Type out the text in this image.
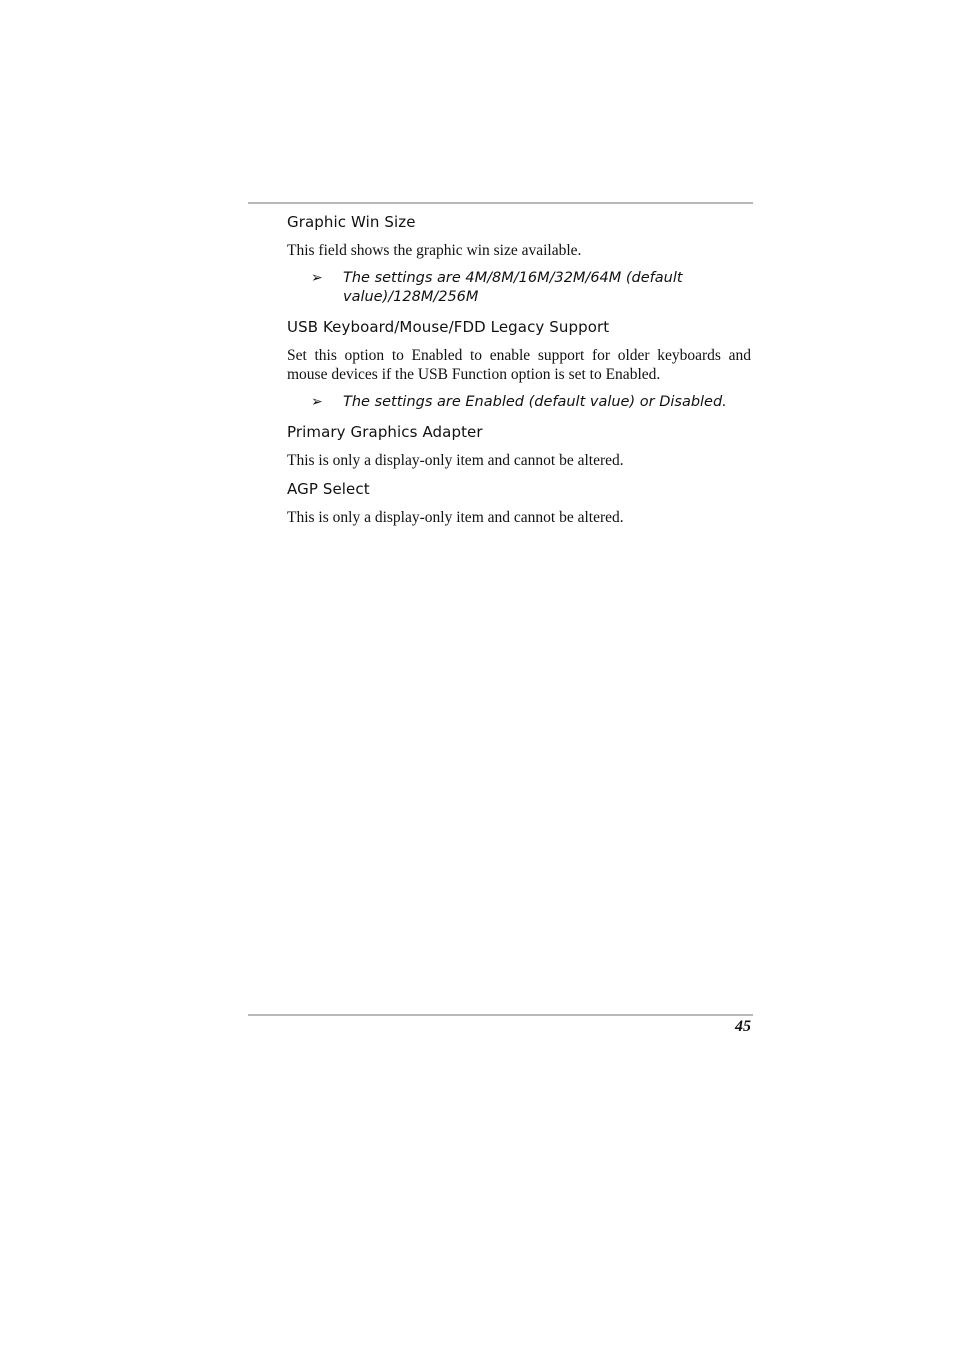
Graphic Win Size
This field shows the graphic win size available.
➢ The settings are 4M/8M/16M/32M/64M (default value)/128M/256M
USB Keyboard/Mouse/FDD Legacy Support
Set this option to Enabled to enable support for older keyboards and mouse devices if the USB Function option is set to Enabled.
➢ The settings are Enabled (default value) or Disabled.
Primary Graphics Adapter
This is only a display-only item and cannot be altered.
AGP Select
This is only a display-only item and cannot be altered.
45
